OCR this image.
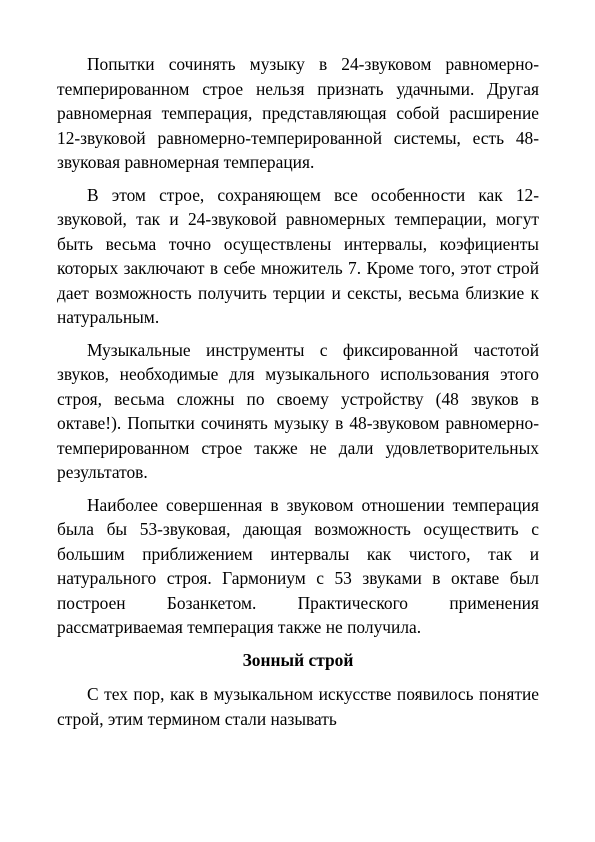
Попытки сочинять музыку в 24-звуковом равномерно-темперированном строе нельзя признать удачными. Другая равномерная темперация, представляющая собой расширение 12-звуковой равномерно-темперированной системы, есть 48-звуковая равномерная темперация.

В этом строе, сохраняющем все особенности как 12-звуковой, так и 24-звуковой равномерных темперации, могут быть весьма точно осуществлены интервалы, коэфициенты которых заключают в себе множитель 7. Кроме того, этот строй дает возможность получить терции и сексты, весьма близкие к натуральным.

Музыкальные инструменты с фиксированной частотой звуков, необходимые для музыкального использования этого строя, весьма сложны по своему устройству (48 звуков в октаве!). Попытки сочинять музыку в 48-звуковом равномерно-темперированном строе также не дали удовлетворительных результатов.

Наиболее совершенная в звуковом отношении темперация была бы 53-звуковая, дающая возможность осуществить с большим приближением интервалы как чистого, так и натурального строя. Гармониум с 53 звуками в октаве был построен Бозанкетом. Практического применения рассматриваемая темперация также не получила.

Зонный строй

С тех пор, как в музыкальном искусстве появилось понятие строй, этим термином стали называть
